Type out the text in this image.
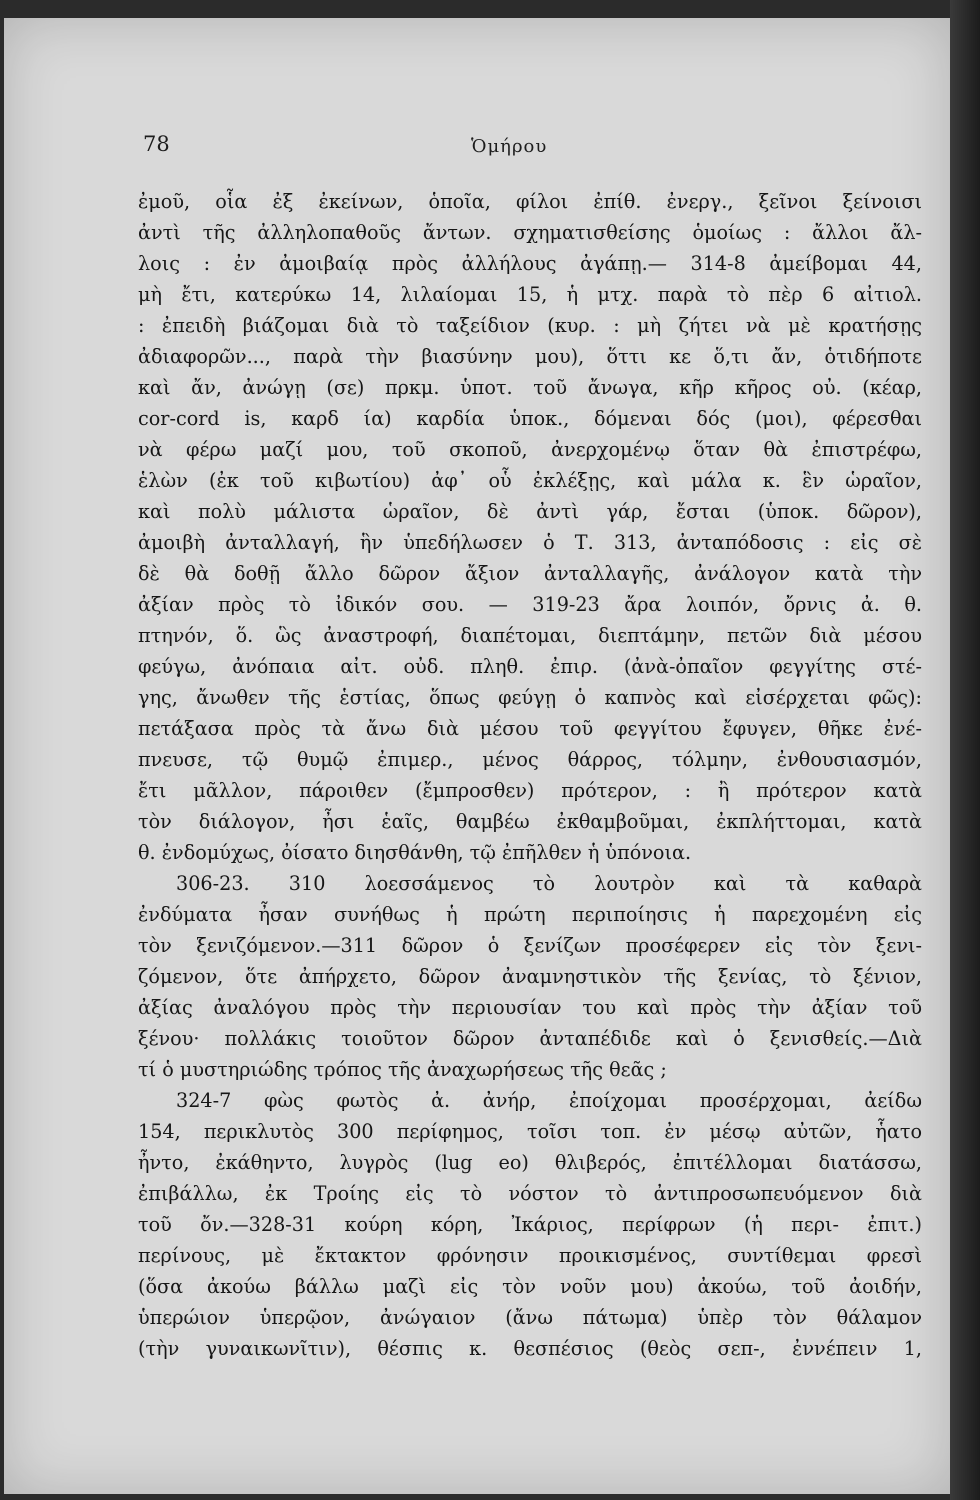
78	Ὁμήρου
ἐμοῦ, οἷα ἐξ ἐκείνων, ὁποῖα, φίλοι ἐπίθ. ἐνεργ., ξεῖνοι ξείνοισι
ἀντὶ τῆς ἀλληλοπαθοῦς ἄντων. σχηματισθείσης ὁμοίως : ἄλλοι ἄλ-
λοις : ἐν ἀμοιβαίᾳ πρὸς ἀλλήλους ἀγάπῃ.— 314-8 ἀμείβομαι 44,
μὴ ἔτι, κατερύκω 14, λιλαίομαι 15, ἡ μτχ. παρὰ τὸ πὲρ 6 αἰτιολ.
: ἐπειδὴ βιάζομαι διὰ τὸ ταξείδιον (κυρ. : μὴ ζήτει νὰ μὲ κρατήσῃς
ἀδιαφορῶν..., παρὰ τὴν βιασύνην μου), ὅττι κε ὅ,τι ἄν, ὁτιδήποτε
καὶ ἄν, ἀνώγῃ (σε) πρκμ. ὑποτ. τοῦ ἄνωγα, κῆρ κῆρος οὐ. (κέαρ,
cor-cord is, καρδ ία) καρδία ὑποκ., δόμεναι δός (μοι), φέρεσθαι
νὰ φέρω μαζί μου, τοῦ σκοποῦ, ἀνερχομένῳ ὅταν θὰ ἐπιστρέφω,
ἑλὼν (ἐκ τοῦ κιβωτίου) ἀφ᾽ οὗ ἐκλέξῃς, καὶ μάλα κ. ἓν ὡραῖον,
καὶ πολὺ μάλιστα ὡραῖον, δὲ ἀντὶ γάρ, ἔσται (ὑποκ. δῶρον),
ἀμοιβὴ ἀνταλλαγή, ἣν ὑπεδήλωσεν ὁ Τ. 313, ἀνταπόδοσις : εἰς σὲ
δὲ θὰ δοθῇ ἄλλο δῶρον ἄξιον ἀνταλλαγῆς, ἀνάλογον κατὰ τὴν
ἀξίαν πρὸς τὸ ἰδικόν σου. — 319-23 ἄρα λοιπόν, ὄρνις ἀ. θ.
πτηνόν, ὅ. ὣς ἀναστροφή, διαπέτομαι, διεπτάμην, πετῶν διὰ μέσου
φεύγω, ἀνόπαια αἰτ. οὐδ. πληθ. ἐπιρ. (ἀνὰ-ὀπαῖον φεγγίτης στέ-
γης, ἄνωθεν τῆς ἑστίας, ὅπως φεύγῃ ὁ καπνὸς καὶ εἰσέρχεται φῶς):
πετάξασα πρὸς τὰ ἄνω διὰ μέσου τοῦ φεγγίτου ἔφυγεν, θῆκε ἐνέ-
πνευσε, τῷ θυμῷ ἐπιμερ., μένος θάρρος, τόλμην, ἐνθουσιασμόν,
ἔτι μᾶλλον, πάροιθεν (ἔμπροσθεν) πρότερον, : ἢ πρότερον κατὰ
τὸν διάλογον, ἦσι ἑαῖς, θαμβέω ἐκθαμβοῦμαι, ἐκπλήττομαι, κατὰ
θ. ἐνδομύχως, ὀίσατο διησθάνθη, τῷ ἐπῆλθεν ἡ ὑπόνοια.
306-23. 310 λοεσσάμενος τὸ λουτρὸν καὶ τὰ καθαρὰ
ἐνδύματα ἦσαν συνήθως ἡ πρώτη περιποίησις ἡ παρεχομένη εἰς
τὸν ξενιζόμενον.—311 δῶρον ὁ ξενίζων προσέφερεν εἰς τὸν ξενι-
ζόμενον, ὅτε ἀπήρχετο, δῶρον ἀναμνηστικὸν τῆς ξενίας, τὸ ξένιον,
ἀξίας ἀναλόγου πρὸς τὴν περιουσίαν του καὶ πρὸς τὴν ἀξίαν τοῦ
ξένου· πολλάκις τοιοῦτον δῶρον ἀνταπέδιδε καὶ ὁ ξενισθείς.—Διὰ
τί ὁ μυστηριώδης τρόπος τῆς ἀναχωρήσεως τῆς θεᾶς ;
324-7 φὼς φωτὸς ἀ. ἀνήρ, ἐποίχομαι προσέρχομαι, ἀείδω
154, περικλυτὸς 300 περίφημος, τοῖσι τοπ. ἐν μέσῳ αὐτῶν, ἧατο
ἦντο, ἐκάθηντο, λυγρὸς (lug eo) θλιβερός, ἐπιτέλλομαι διατάσσω,
ἐπιβάλλω, ἐκ Τροίης εἰς τὸ νόστον τὸ ἀντιπροσωπευόμενον διὰ
τοῦ ὄν.—328-31 κούρη κόρη, Ἰκάριος, περίφρων (ἡ περι- ἐπιτ.)
περίνους, μὲ ἔκτακτον φρόνησιν προικισμένος, συντίθεμαι φρεσὶ
(ὅσα ἀκούω βάλλω μαζὶ εἰς τὸν νοῦν μου) ἀκούω, τοῦ ἀοιδήν,
ὑπερώιον ὑπερῷον, ἀνώγαιον (ἄνω πάτωμα) ὑπὲρ τὸν θάλαμον
(τὴν γυναικωνῖτιν), θέσπις κ. θεσπέσιος (θεὸς σεπ-, ἐννέπειν 1,
